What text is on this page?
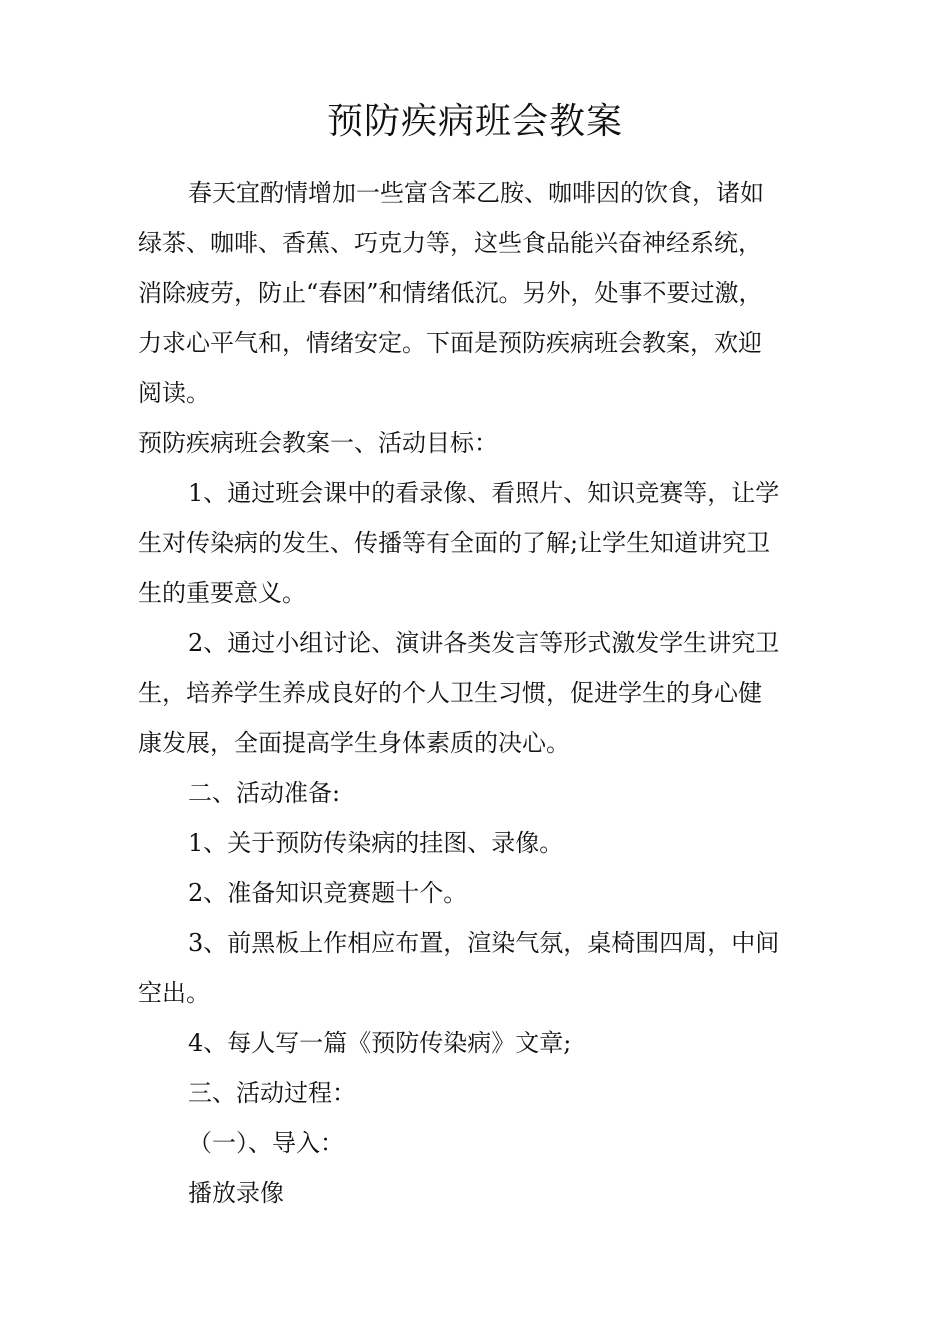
预防疾病班会教案

春天宜酌情增加一些富含苯乙胺、咖啡因的饮食，诸如
绿茶、咖啡、香蕉、巧克力等，这些食品能兴奋神经系统，
消除疲劳，防止“春困”和情绪低沉。另外，处事不要过激，
力求心平气和，情绪安定。下面是预防疾病班会教案，欢迎
阅读。

预防疾病班会教案一、活动目标：

1、通过班会课中的看录像、看照片、知识竞赛等，让学
生对传染病的发生、传播等有全面的了解;让学生知道讲究卫
生的重要意义。

2、通过小组讨论、演讲各类发言等形式激发学生讲究卫
生，培养学生养成良好的个人卫生习惯，促进学生的身心健
康发展，全面提高学生身体素质的决心。

二、活动准备:

1、关于预防传染病的挂图、录像。

2、准备知识竞赛题十个。

3、前黑板上作相应布置，渲染气氛，桌椅围四周，中间
空出。

4、每人写一篇《预防传染病》文章;

三、活动过程：

（一）、导入：

播放录像
